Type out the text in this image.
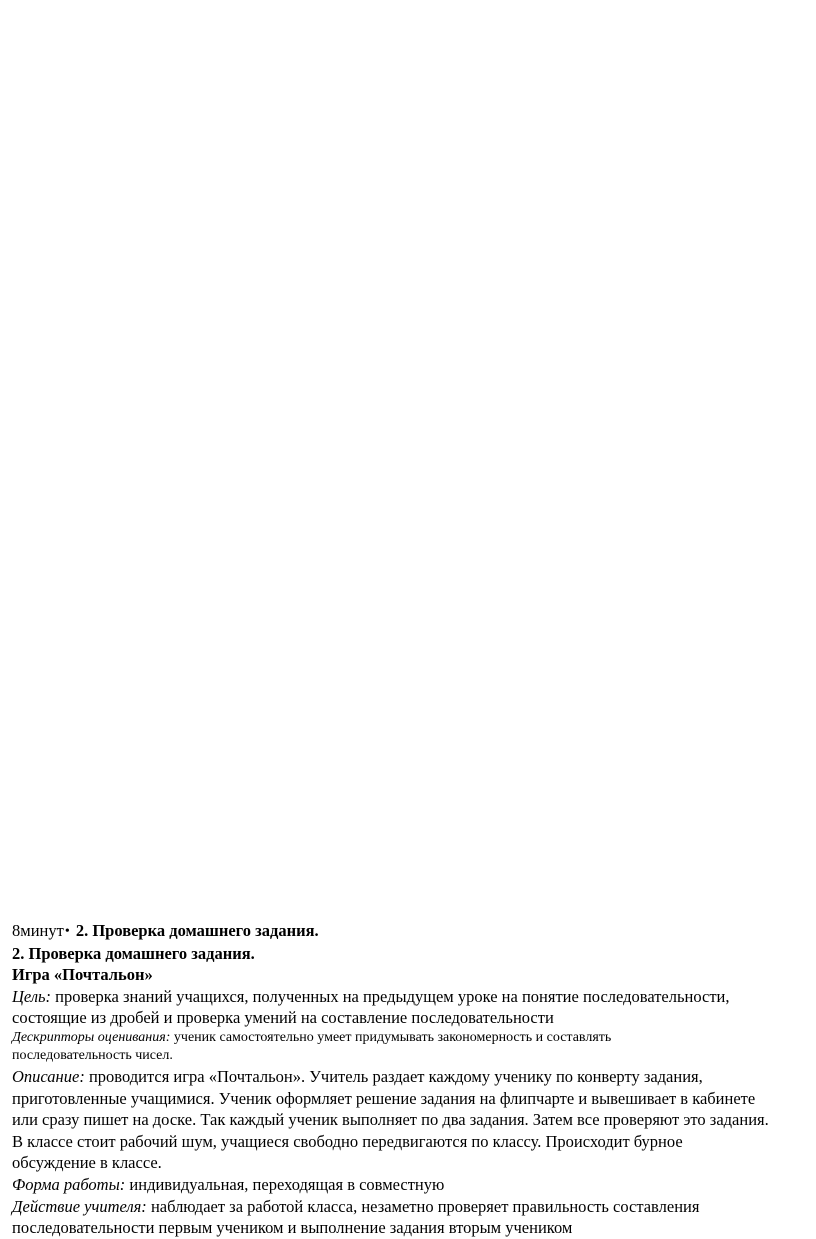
8минут• 2. Проверка домашнего задания.
2. Проверка домашнего задания.
Игра «Почтальон»
Цель: проверка знаний учащихся, полученных на предыдущем уроке на понятие последовательности,
состоящие из дробей и проверка умений на составление последовательности
Дескрипторы оценивания: ученик самостоятельно умеет придумывать закономерность и составлять
последовательность чисел.
Описание: проводится игра «Почтальон». Учитель раздает каждому ученику по конверту задания,
приготовленные учащимися. Ученик оформляет решение задания на флипчарте и вывешивает в кабинете
или сразу пишет на доске. Так каждый ученик выполняет по два задания. Затем все проверяют это задания.
В классе стоит рабочий шум, учащиеся свободно передвигаются по классу. Происходит бурное
обсуждение в классе.
Форма работы: индивидуальная, переходящая в совместную
Действие учителя: наблюдает за работой класса, незаметно проверяет правильность составления
последовательности первым учеником и выполнение задания вторым учеником
